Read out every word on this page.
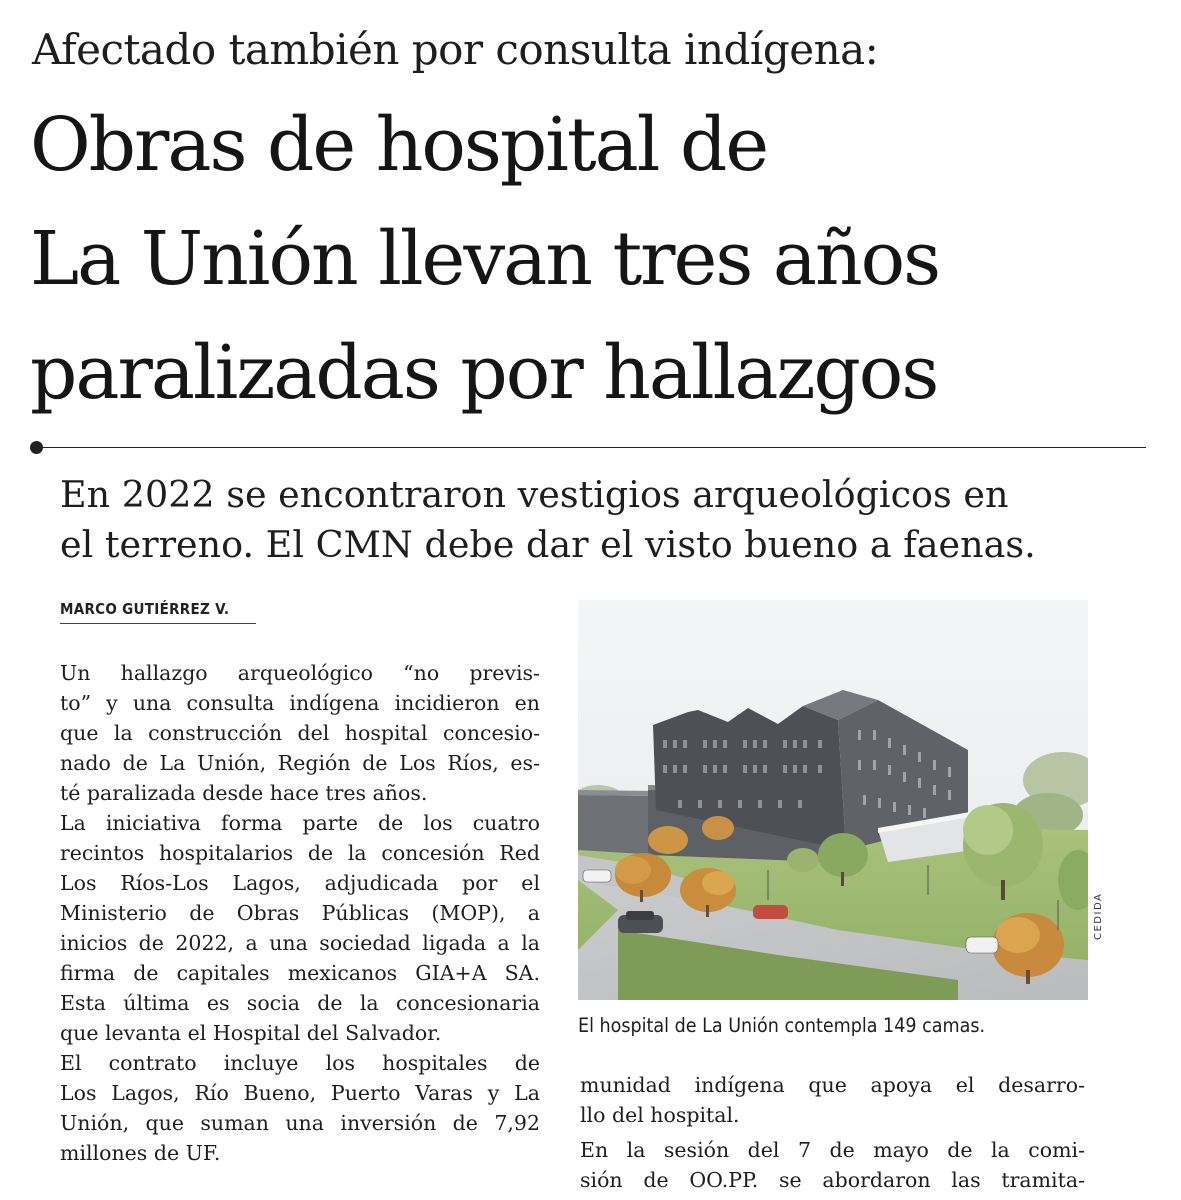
Afectado también por consulta indígena:
Obras de hospital de
La Unión llevan tres años
paralizadas por hallazgos
En 2022 se encontraron vestigios arqueológicos en
el terreno. El CMN debe dar el visto bueno a faenas.
MARCO GUTIÉRREZ V.
Un hallazgo arqueológico “no previs-
to” y una consulta indígena incidieron en
que la construcción del hospital concesio-
nado de La Unión, Región de Los Ríos, es-
té paralizada desde hace tres años.
La iniciativa forma parte de los cuatro
recintos hospitalarios de la concesión Red
Los Ríos-Los Lagos, adjudicada por el
Ministerio de Obras Públicas (MOP), a
inicios de 2022, a una sociedad ligada a la
firma de capitales mexicanos GIA+A SA.
Esta última es socia de la concesionaria
que levanta el Hospital del Salvador.
El contrato incluye los hospitales de
Los Lagos, Río Bueno, Puerto Varas y La
Unión, que suman una inversión de 7,92
millones de UF.
CEDIDA
El hospital de La Unión contempla 149 camas.
munidad indígena que apoya el desarro-
llo del hospital.
En la sesión del 7 de mayo de la comi-
sión de OO.PP. se abordaron las tramita-
